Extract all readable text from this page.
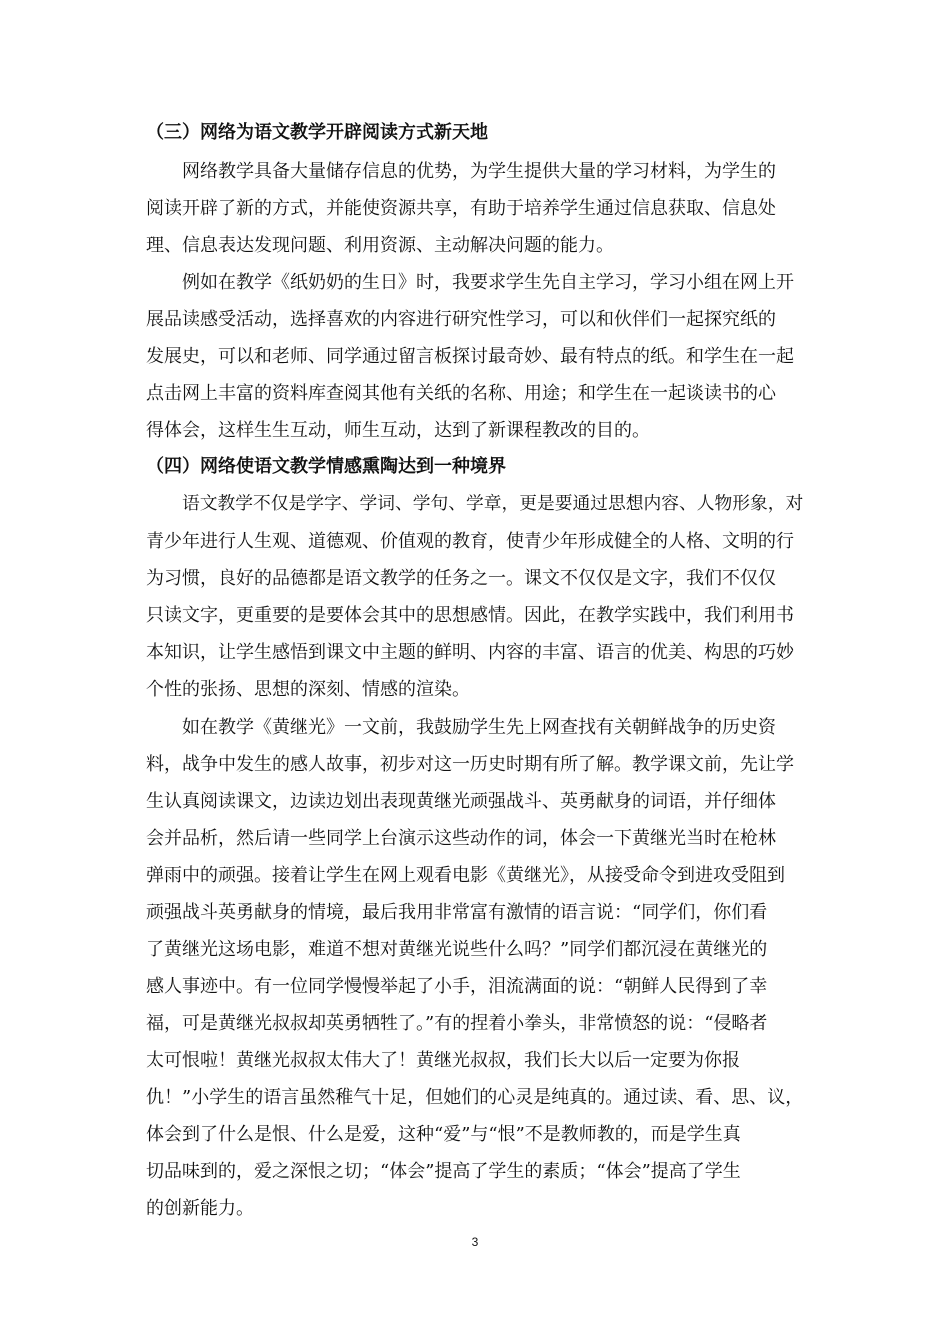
（三）网络为语文教学开辟阅读方式新天地
网络教学具备大量储存信息的优势，为学生提供大量的学习材料，为学生的
阅读开辟了新的方式，并能使资源共享，有助于培养学生通过信息获取、信息处
理、信息表达发现问题、利用资源、主动解决问题的能力。
例如在教学《纸奶奶的生日》时，我要求学生先自主学习，学习小组在网上开
展品读感受活动，选择喜欢的内容进行研究性学习，可以和伙伴们一起探究纸的
发展史，可以和老师、同学通过留言板探讨最奇妙、最有特点的纸。和学生在一起
点击网上丰富的资料库查阅其他有关纸的名称、用途；和学生在一起谈读书的心
得体会，这样生生互动，师生互动，达到了新课程教改的目的。
（四）网络使语文教学情感熏陶达到一种境界
语文教学不仅是学字、学词、学句、学章，更是要通过思想内容、人物形象，对
青少年进行人生观、道德观、价值观的教育，使青少年形成健全的人格、文明的行
为习惯，良好的品德都是语文教学的任务之一。课文不仅仅是文字，我们不仅仅
只读文字，更重要的是要体会其中的思想感情。因此，在教学实践中，我们利用书
本知识，让学生感悟到课文中主题的鲜明、内容的丰富、语言的优美、构思的巧妙
个性的张扬、思想的深刻、情感的渲染。
如在教学《黄继光》一文前，我鼓励学生先上网查找有关朝鲜战争的历史资
料，战争中发生的感人故事，初步对这一历史时期有所了解。教学课文前，先让学
生认真阅读课文，边读边划出表现黄继光顽强战斗、英勇献身的词语，并仔细体
会并品析，然后请一些同学上台演示这些动作的词，体会一下黄继光当时在枪林
弹雨中的顽强。接着让学生在网上观看电影《黄继光》，从接受命令到进攻受阻到
顽强战斗英勇献身的情境，最后我用非常富有激情的语言说：“同学们，你们看
了黄继光这场电影，难道不想对黄继光说些什么吗？”同学们都沉浸在黄继光的
感人事迹中。有一位同学慢慢举起了小手，泪流满面的说：“朝鲜人民得到了幸
福，可是黄继光叔叔却英勇牺牲了。”有的捏着小拳头，非常愤怒的说：“侵略者
太可恨啦！黄继光叔叔太伟大了！黄继光叔叔，我们长大以后一定要为你报
仇！”小学生的语言虽然稚气十足，但她们的心灵是纯真的。通过读、看、思、议，
体会到了什么是恨、什么是爱，这种“爱”与“恨”不是教师教的，而是学生真
切品味到的，爱之深恨之切；“体会”提高了学生的素质；“体会”提高了学生
的创新能力。
3
